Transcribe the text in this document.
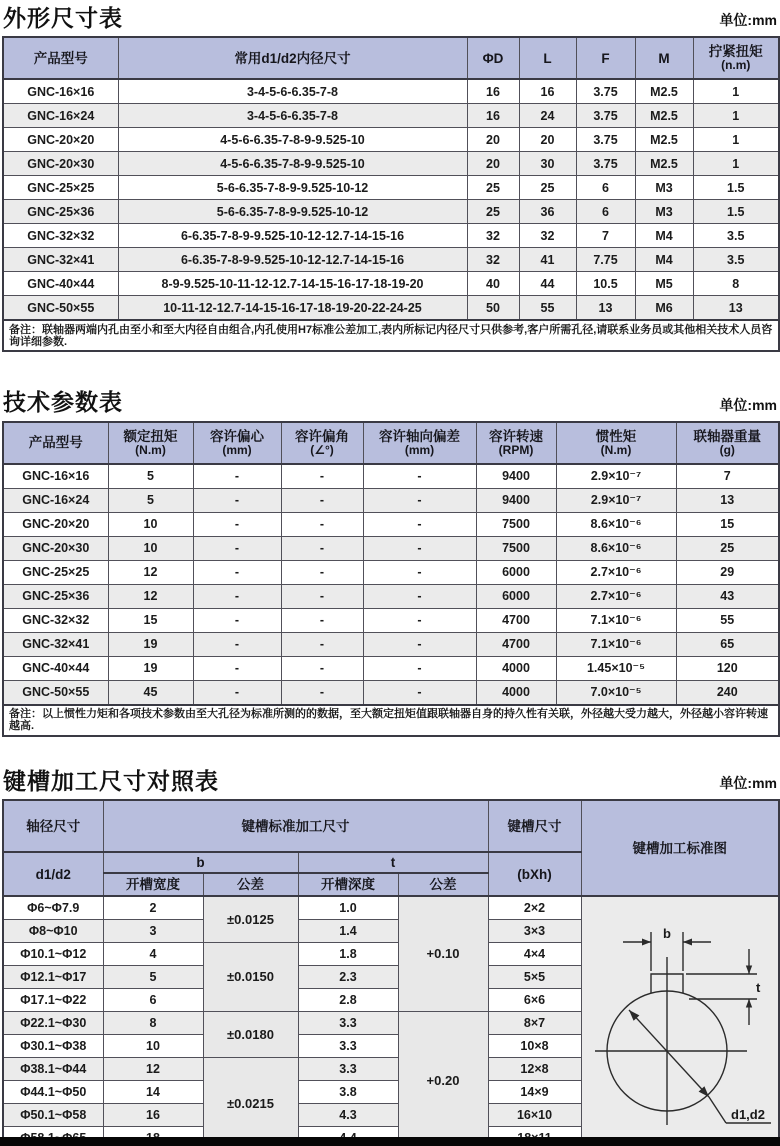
外形尺寸表	单位:mm
产品型号	常用d1/d2内径尺寸	ΦD	L	F	M	拧紧扭矩
(n.m)

GNC-16×16	3-4-5-6-6.35-7-8	16	16	3.75	M2.5	1
GNC-16×24	3-4-5-6-6.35-7-8	16	24	3.75	M2.5	1
GNC-20×20	4-5-6-6.35-7-8-9-9.525-10	20	20	3.75	M2.5	1
GNC-20×30	4-5-6-6.35-7-8-9-9.525-10	20	30	3.75	M2.5	1
GNC-25×25	5-6-6.35-7-8-9-9.525-10-12	25	25	6	M3	1.5
GNC-25×36	5-6-6.35-7-8-9-9.525-10-12	25	36	6	M3	1.5
GNC-32×32	6-6.35-7-8-9-9.525-10-12-12.7-14-15-16	32	32	7	M4	3.5
GNC-32×41	6-6.35-7-8-9-9.525-10-12-12.7-14-15-16	32	41	7.75	M4	3.5
GNC-40×44	8-9-9.525-10-11-12-12.7-14-15-16-17-18-19-20	40	44	10.5	M5	8
GNC-50×55	10-11-12-12.7-14-15-16-17-18-19-20-22-24-25	50	55	13	M6	13
备注：联轴器两端内孔由至小和至大内径自由组合,内孔使用H7标准公差加工,表内所标记内径尺寸只供参考,客户所需孔径,请联系业务员或其他相关技术人员咨询详细参数.						
技术参数表	单位:mm
产品型号	额定扭矩
(N.m)

容许偏心
(mm)

容许偏角
(∠°)

容许轴向偏差
(mm)

容许转速
(RPM)

惯性矩
(N.m)

联轴器重量
(g)

GNC-16×16	5	-	-	-	9400	2.9×10⁻⁷	7
GNC-16×24	5	-	-	-	9400	2.9×10⁻⁷	13
GNC-20×20	10	-	-	-	7500	8.6×10⁻⁶	15
GNC-20×30	10	-	-	-	7500	8.6×10⁻⁶	25
GNC-25×25	12	-	-	-	6000	2.7×10⁻⁶	29
GNC-25×36	12	-	-	-	6000	2.7×10⁻⁶	43
GNC-32×32	15	-	-	-	4700	7.1×10⁻⁶	55
GNC-32×41	19	-	-	-	4700	7.1×10⁻⁶	65
GNC-40×44	19	-	-	-	4000	1.45×10⁻⁵	120
GNC-50×55	45	-	-	-	4000	7.0×10⁻⁵	240
备注：以上惯性力矩和各项技术参数由至大孔径为标准所测的的数据，至大额定扭矩值跟联轴器自身的持久性有关联，外径越大受力越大，外径越小容许转速越高.							
键槽加工尺寸对照表	单位:mm
轴径尺寸	键槽标准加工尺寸				键槽尺寸	键槽加工标准图
d1/d2	b		t		(bXh)	
	开槽宽度	公差	开槽深度	公差		
Φ6~Φ7.9	2	±0.0125	1.0	+0.10	2×2	b
t
d1,d2

Φ8~Φ10	3		1.4		3×3	
Φ10.1~Φ12	4	±0.0150	1.8		4×4	
Φ12.1~Φ17	5		2.3		5×5	
Φ17.1~Φ22	6		2.8		6×6	
Φ22.1~Φ30	8	±0.0180	3.3	+0.20	8×7	
Φ30.1~Φ38	10		3.3		10×8	
Φ38.1~Φ44	12	±0.0215	3.3		12×8	
Φ44.1~Φ50	14		3.8		14×9	
Φ50.1~Φ58	16		4.3		16×10	
